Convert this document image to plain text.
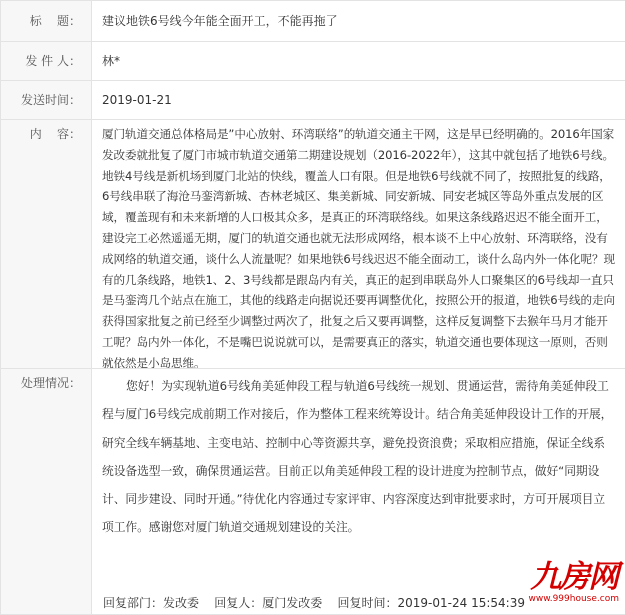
标    题：	建议地铁6号线今年能全面开工，不能再拖了
发 件 人：	林*
发送时间：	2019-01-21
内    容：	厦门轨道交通总体格局是”中心放射、环湾联络”的轨道交通主干网，这是早已经明确的。2016年国家发改委就批复了厦门市城市轨道交通第二期建设规划（2016-2022年），这其中就包括了地铁6号线。地铁4号线是新机场到厦门北站的快线，覆盖人口有限。但是地铁6号线就不同了，按照批复的线路，6号线串联了海沧马銮湾新城、杏林老城区、集美新城、同安新城、同安老城区等岛外重点发展的区域，覆盖现有和未来新增的人口极其众多，是真正的环湾联络线。如果这条线路迟迟不能全面开工，建设完工必然遥遥无期，厦门的轨道交通也就无法形成网络，根本谈不上中心放射、环湾联络，没有成网络的轨道交通，谈什么人流量呢？如果地铁6号线迟迟不能全面动工，谈什么岛内外一体化呢？现有的几条线路，地铁1、2、3号线都是跟岛内有关，真正的起到串联岛外人口聚集区的6号线却一直只是马銮湾几个站点在施工，其他的线路走向据说还要再调整优化，按照公开的报道，地铁6号线的走向获得国家批复之前已经至少调整过两次了，批复之后又要再调整，这样反复调整下去猴年马月才能开工呢？岛内外一体化，不是嘴巴说说就可以，是需要真正的落实，轨道交通也要体现这一原则，否则就依然是小岛思维。
处理情况：	您好！为实现轨道6号线角美延伸段工程与轨道6号线统一规划、贯通运营，需待角美延伸段工程与厦门6号线完成前期工作对接后，作为整体工程来统筹设计。结合角美延伸段设计工作的开展，研究全线车辆基地、主变电站、控制中心等资源共享，避免投资浪费；采取相应措施，保证全线系统设备选型一致，确保贯通运营。目前正以角美延伸段工程的设计进度为控制节点，做好“同期设计、同步建设、同时开通。”待优化内容通过专家评审、内容深度达到审批要求时，方可开展项目立项工作。感谢您对厦门轨道交通规划建设的关注。
回复部门：发改委    回复人：厦门发改委    回复时间：2019-01-24 15:54:39
九房网
www.999house.com
